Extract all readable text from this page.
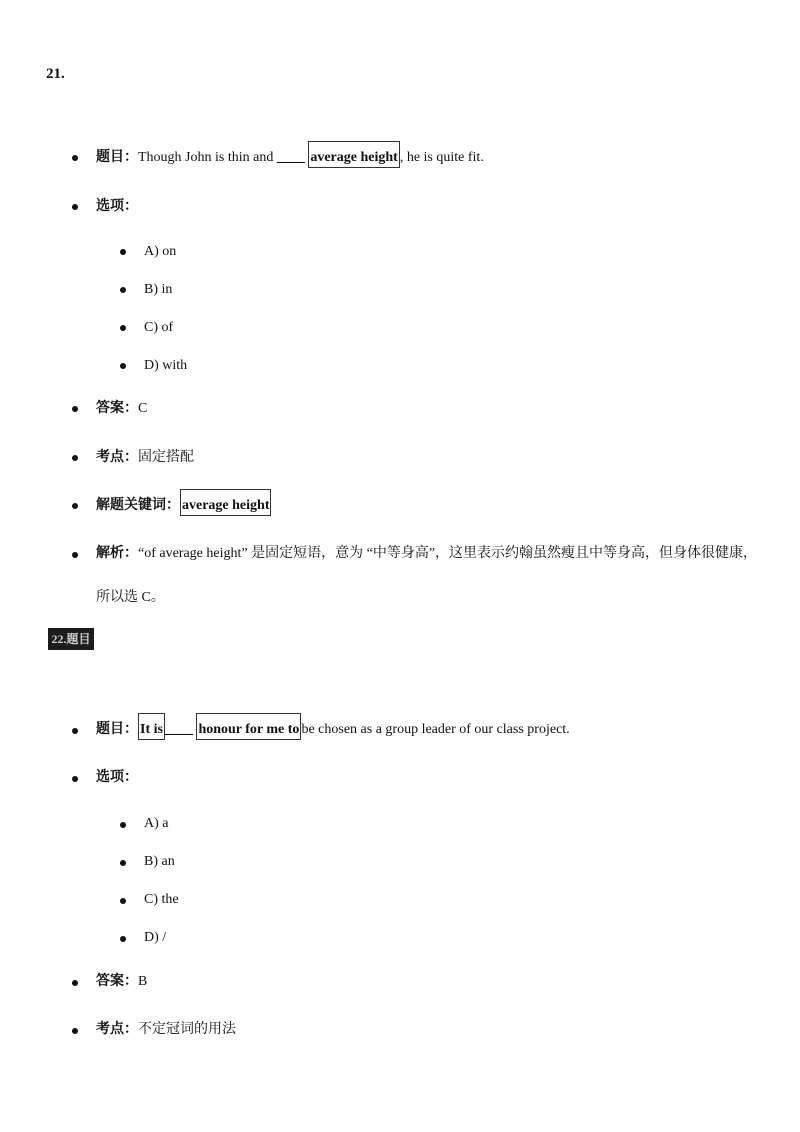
21.
题目：Though John is thin and ____ average height , he is quite fit.
选项：
A) on
B) in
C) of
D) with
答案：C
考点：固定搭配
解题关键词： average height
解析：“of average height” 是固定短语，意为 “中等身高”，这里表示约翰虽然瘦且中等身高，但身体很健康，
所以选 C。
22.題目
题目： It is ____ honour for me to be chosen as a group leader of our class project.
选项：
A) a
B) an
C) the
D) /
答案：B
考点：不定冠词的用法
